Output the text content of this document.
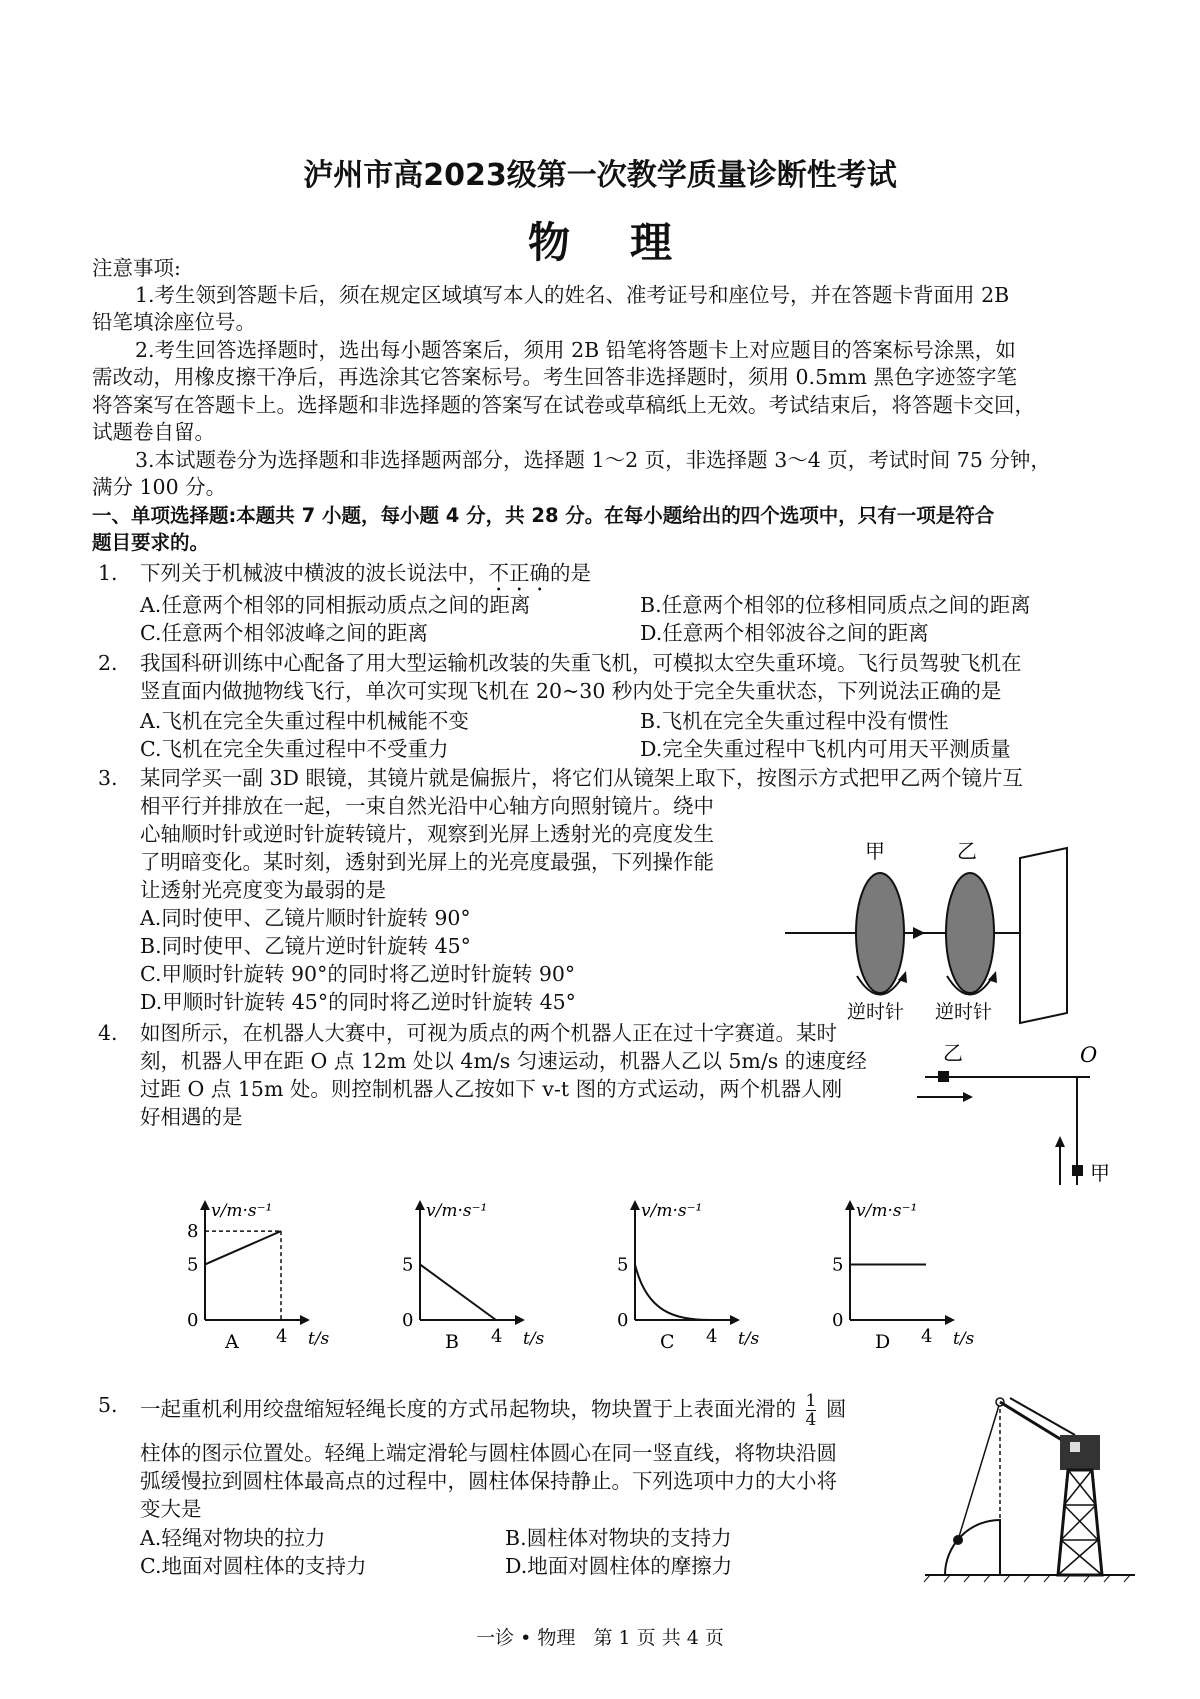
泸州市高2023级第一次教学质量诊断性考试
物理
注意事项:
1.考生领到答题卡后，须在规定区域填写本人的姓名、准考证号和座位号，并在答题卡背面用 2B
铅笔填涂座位号。
2.考生回答选择题时，选出每小题答案后，须用 2B 铅笔将答题卡上对应题目的答案标号涂黑，如
需改动，用橡皮擦干净后，再选涂其它答案标号。考生回答非选择题时，须用 0.5mm 黑色字迹签字笔
将答案写在答题卡上。选择题和非选择题的答案写在试卷或草稿纸上无效。考试结束后，将答题卡交回，
试题卷自留。
3.本试题卷分为选择题和非选择题两部分，选择题 1～2 页，非选择题 3～4 页，考试时间 75 分钟，
满分 100 分。
一、单项选择题:本题共 7 小题，每小题 4 分，共 28 分。在每小题给出的四个选项中，只有一项是符合
题目要求的。
1. 下列关于机械波中横波的波长说法中，不正确的是
A.任意两个相邻的同相振动质点之间的距离	B.任意两个相邻的位移相同质点之间的距离
C.任意两个相邻波峰之间的距离	D.任意两个相邻波谷之间的距离
2. 我国科研训练中心配备了用大型运输机改装的失重飞机，可模拟太空失重环境。飞行员驾驶飞机在
竖直面内做抛物线飞行，单次可实现飞机在 20~30 秒内处于完全失重状态，下列说法正确的是
A.飞机在完全失重过程中机械能不变	B.飞机在完全失重过程中没有惯性
C.飞机在完全失重过程中不受重力	D.完全失重过程中飞机内可用天平测质量
3. 某同学买一副 3D 眼镜，其镜片就是偏振片，将它们从镜架上取下，按图示方式把甲乙两个镜片互
相平行并排放在一起，一束自然光沿中心轴方向照射镜片。绕中
心轴顺时针或逆时针旋转镜片，观察到光屏上透射光的亮度发生
了明暗变化。某时刻，透射到光屏上的光亮度最强，下列操作能
让透射光亮度变为最弱的是
A.同时使甲、乙镜片顺时针旋转 90°
B.同时使甲、乙镜片逆时针旋转 45°
C.甲顺时针旋转 90°的同时将乙逆时针旋转 90°
D.甲顺时针旋转 45°的同时将乙逆时针旋转 45°
甲	乙
逆时针 逆时针
4. 如图所示，在机器人大赛中，可视为质点的两个机器人正在过十字赛道。某时
刻，机器人甲在距 O 点 12m 处以 4m/s 匀速运动，机器人乙以 5m/s 的速度经
过距 O 点 15m 处。则控制机器人乙按如下 v-t 图的方式运动，两个机器人刚
好相遇的是
乙	O
甲
v/m·s⁻¹
t/s
8
5
0
4
A
v/m·s⁻¹
t/s
5
0
4
B
v/m·s⁻¹
t/s
5
0
4
C
v/m·s⁻¹
t/s
5
0
4
D
5. 一起重机利用绞盘缩短轻绳长度的方式吊起物块，物块置于上表面光滑的 $\frac{1}{4}$ 圆
柱体的图示位置处。轻绳上端定滑轮与圆柱体圆心在同一竖直线，将物块沿圆
弧缓慢拉到圆柱体最高点的过程中，圆柱体保持静止。下列选项中力的大小将
变大是
A.轻绳对物块的拉力	B.圆柱体对物块的支持力
C.地面对圆柱体的支持力	D.地面对圆柱体的摩擦力
一诊 • 物理   第 1 页 共 4 页
